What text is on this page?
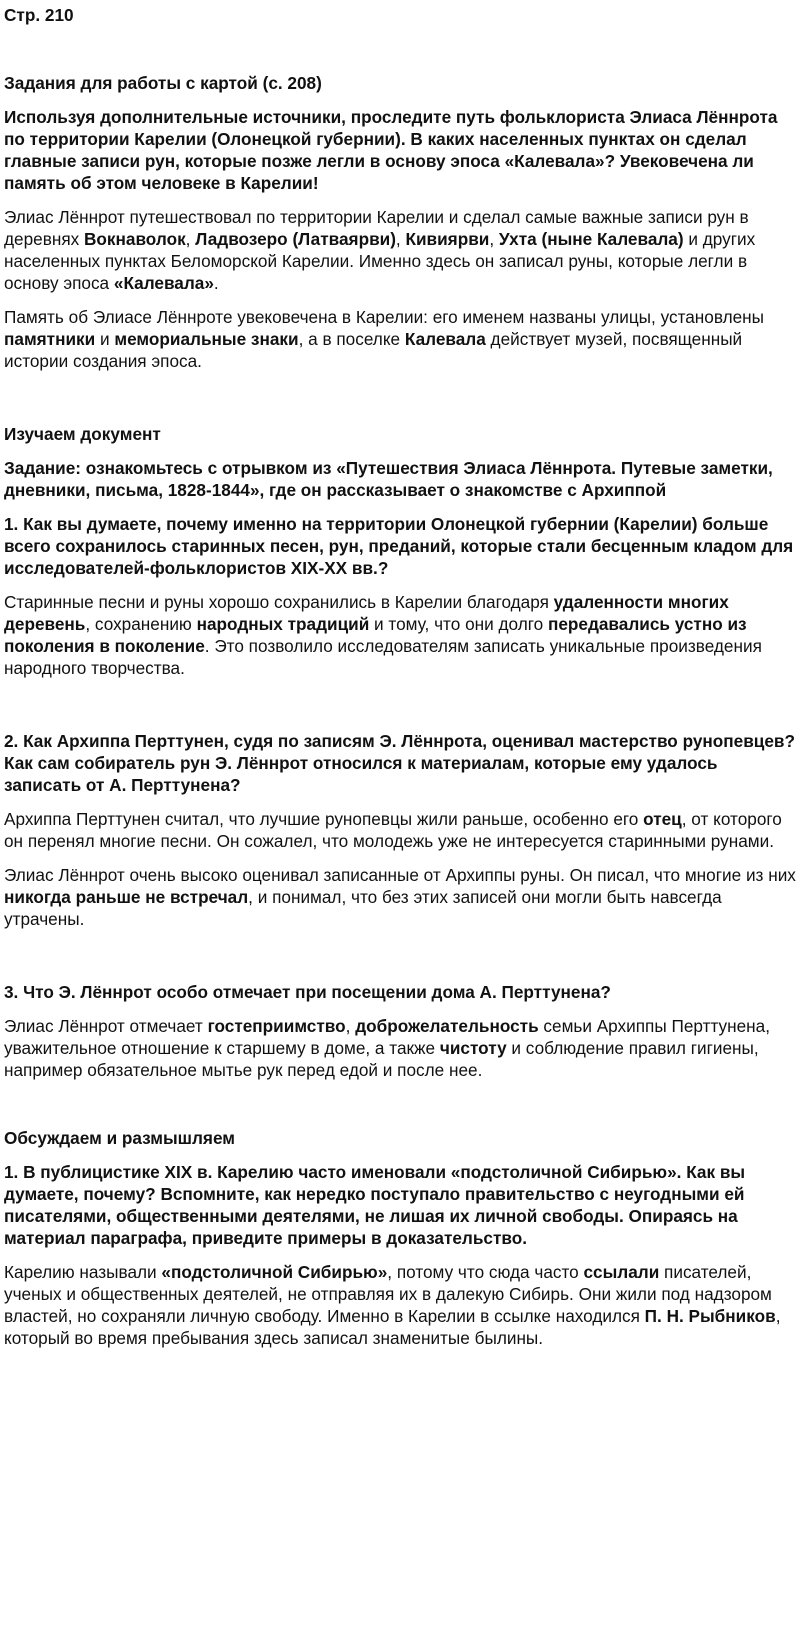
Стр. 210
Задания для работы с картой (с. 208)
Используя дополнительные источники, проследите путь фольклориста Элиаса Лённрота по территории Карелии (Олонецкой губернии). В каких населенных пунктах он сделал главные записи рун, которые позже легли в основу эпоса «Калевала»? Увековечена ли память об этом человеке в Карелии!
Элиас Лённрот путешествовал по территории Карелии и сделал самые важные записи рун в деревнях Вокнаволок, Ладвозеро (Латваярви), Кивиярви, Ухта (ныне Калевала) и других населенных пунктах Беломорской Карелии. Именно здесь он записал руны, которые легли в основу эпоса «Калевала».
Память об Элиасе Лённроте увековечена в Карелии: его именем названы улицы, установлены памятники и мемориальные знаки, а в поселке Калевала действует музей, посвященный истории создания эпоса.
Изучаем документ
Задание: ознакомьтесь с отрывком из «Путешествия Элиаса Лённрота. Путевые заметки, дневники, письма, 1828-1844», где он рассказывает о знакомстве с Архиппой
1. Как вы думаете, почему именно на территории Олонецкой губернии (Карелии) больше всего сохранилось старинных песен, рун, преданий, которые стали бесценным кладом для исследователей-фольклористов XIX-XX вв.?
Старинные песни и руны хорошо сохранились в Карелии благодаря удаленности многих деревень, сохранению народных традиций и тому, что они долго передавались устно из поколения в поколение. Это позволило исследователям записать уникальные произведения народного творчества.
2. Как Архиппа Перттунен, судя по записям Э. Лённрота, оценивал мастерство рунопевцев? Как сам собиратель рун Э. Лённрот относился к материалам, которые ему удалось записать от А. Перттунена?
Архиппа Перттунен считал, что лучшие рунопевцы жили раньше, особенно его отец, от которого он перенял многие песни. Он сожалел, что молодежь уже не интересуется старинными рунами.
Элиас Лённрот очень высоко оценивал записанные от Архиппы руны. Он писал, что многие из них никогда раньше не встречал, и понимал, что без этих записей они могли быть навсегда утрачены.
3. Что Э. Лённрот особо отмечает при посещении дома А. Перттунена?
Элиас Лённрот отмечает гостеприимство, доброжелательность семьи Архиппы Перттунена, уважительное отношение к старшему в доме, а также чистоту и соблюдение правил гигиены, например обязательное мытье рук перед едой и после нее.
Обсуждаем и размышляем
1. В публицистике XIX в. Карелию часто именовали «подстоличной Сибирью». Как вы думаете, почему? Вспомните, как нередко поступало правительство с неугодными ей писателями, общественными деятелями, не лишая их личной свободы. Опираясь на материал параграфа, приведите примеры в доказательство.
Карелию называли «подстоличной Сибирью», потому что сюда часто ссылали писателей, ученых и общественных деятелей, не отправляя их в далекую Сибирь. Они жили под надзором властей, но сохраняли личную свободу. Именно в Карелии в ссылке находился П. Н. Рыбников, который во время пребывания здесь записал знаменитые былины.
